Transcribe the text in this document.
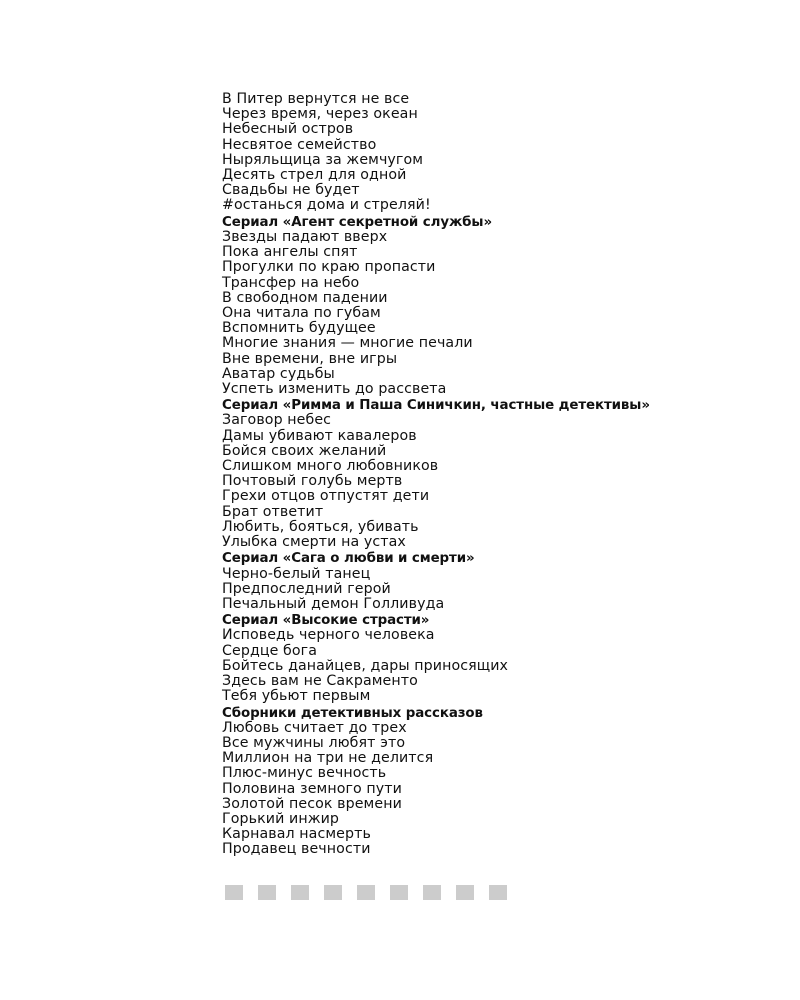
В Питер вернутся не все
Через время, через океан
Небесный остров
Несвятое семейство
Ныряльщица за жемчугом
Десять стрел для одной
Свадьбы не будет
#останься дома и стреляй!
Сериал «Агент секретной службы»
Звезды падают вверх
Пока ангелы спят
Прогулки по краю пропасти
Трансфер на небо
В свободном падении
Она читала по губам
Вспомнить будущее
Многие знания — многие печали
Вне времени, вне игры
Аватар судьбы
Успеть изменить до рассвета
Сериал «Римма и Паша Синичкин, частные детективы»
Заговор небес
Дамы убивают кавалеров
Бойся своих желаний
Слишком много любовников
Почтовый голубь мертв
Грехи отцов отпустят дети
Брат ответит
Любить, бояться, убивать
Улыбка смерти на устах
Сериал «Сага о любви и смерти»
Черно-белый танец
Предпоследний герой
Печальный демон Голливуда
Сериал «Высокие страсти»
Исповедь черного человека
Сердце бога
Бойтесь данайцев, дары приносящих
Здесь вам не Сакраменто
Тебя убьют первым
Сборники детективных рассказов
Любовь считает до трех
Все мужчины любят это
Миллион на три не делится
Плюс-минус вечность
Половина земного пути
Золотой песок времени
Горький инжир
Карнавал насмерть
Продавец вечности
